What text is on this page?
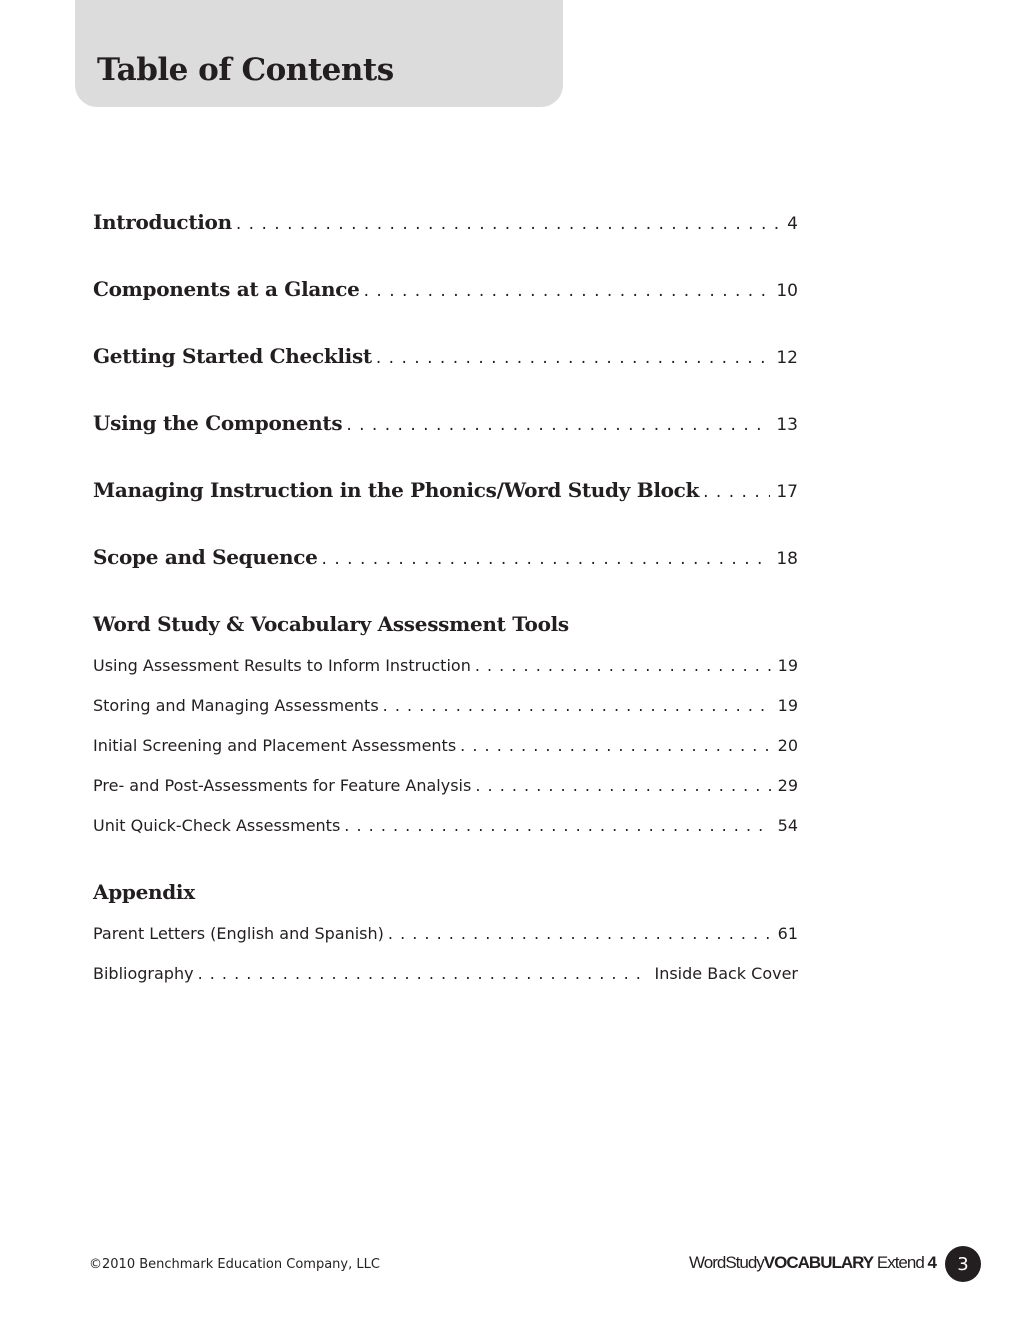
Table of Contents
Introduction . . .	4
Components at a Glance . . .	10
Getting Started Checklist . . .	12
Using the Components . . .	13
Managing Instruction in the Phonics/Word Study Block . . .	17
Scope and Sequence . . .	18
Word Study & Vocabulary Assessment Tools
Using Assessment Results to Inform Instruction . . .	19
Storing and Managing Assessments . . .	19
Initial Screening and Placement Assessments . . .	20
Pre- and Post-Assessments for Feature Analysis . . .	29
Unit Quick-Check Assessments . . .	54
Appendix
Parent Letters (English and Spanish) . . .	61
Bibliography . . .	Inside Back Cover
©2010 Benchmark Education Company, LLC	WordStudyVOCABULARY Extend 4	3
